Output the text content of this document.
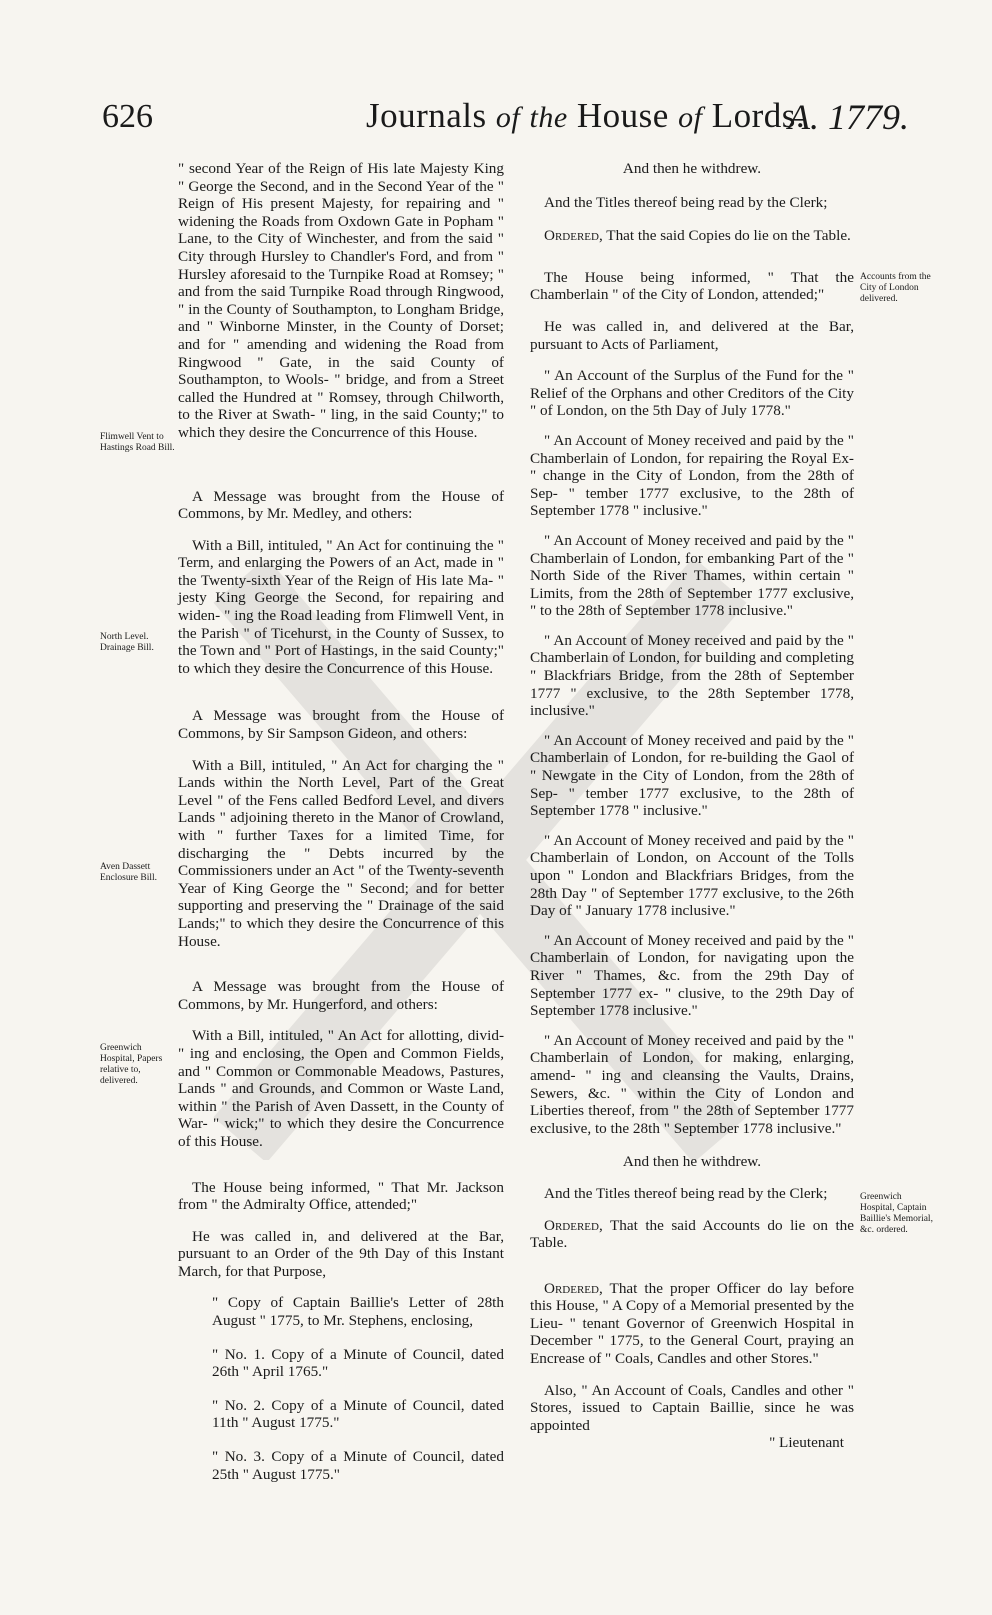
626	Journals of the House of Lords.
A. 1779.
Flimwell Vent to Hastings Road Bill.
North Level. Drainage Bill.
Aven Dassett Enclosure Bill.
Greenwich Hospital, Papers relative to, delivered.
Accounts from the City of London delivered.
Greenwich Hospital, Captain Baillie's Memorial, &c. ordered.

" second Year of the Reign of His late Majesty King " George the Second, and in the Second Year of the " Reign of His present Majesty, for repairing and " widening the Roads from Oxdown Gate in Popham " Lane, to the City of Winchester, and from the said " City through Hursley to Chandler's Ford, and from " Hursley aforesaid to the Turnpike Road at Romsey; " and from the said Turnpike Road through Ringwood, " in the County of Southampton, to Longham Bridge, and " Winborne Minster, in the County of Dorset; and for " amending and widening the Road from Ringwood " Gate, in the said County of Southampton, to Wools- " bridge, and from a Street called the Hundred at " Romsey, through Chilworth, to the River at Swath- " ling, in the said County;" to which they desire the Concurrence of this House.

A Message was brought from the House of Commons, by Mr. Medley, and others:

With a Bill, intituled, " An Act for continuing the " Term, and enlarging the Powers of an Act, made in " the Twenty-sixth Year of the Reign of His late Ma- " jesty King George the Second, for repairing and widen- " ing the Road leading from Flimwell Vent, in the Parish " of Ticehurst, in the County of Sussex, to the Town and " Port of Hastings, in the said County;" to which they desire the Concurrence of this House.

A Message was brought from the House of Commons, by Sir Sampson Gideon, and others:

With a Bill, intituled, " An Act for charging the " Lands within the North Level, Part of the Great Level " of the Fens called Bedford Level, and divers Lands " adjoining thereto in the Manor of Crowland, with " further Taxes for a limited Time, for discharging the " Debts incurred by the Commissioners under an Act " of the Twenty-seventh Year of King George the " Second; and for better supporting and preserving the " Drainage of the said Lands;" to which they desire the Concurrence of this House.

A Message was brought from the House of Commons, by Mr. Hungerford, and others:

With a Bill, intituled, " An Act for allotting, divid- " ing and enclosing, the Open and Common Fields, and " Common or Commonable Meadows, Pastures, Lands " and Grounds, and Common or Waste Land, within " the Parish of Aven Dassett, in the County of War- " wick;" to which they desire the Concurrence of this House.

The House being informed, " That Mr. Jackson from " the Admiralty Office, attended;"

He was called in, and delivered at the Bar, pursuant to an Order of the 9th Day of this Instant March, for that Purpose,

" Copy of Captain Baillie's Letter of 28th August " 1775, to Mr. Stephens, enclosing,

" No. 1. Copy of a Minute of Council, dated 26th " April 1765."

" No. 2. Copy of a Minute of Council, dated 11th " August 1775."

" No. 3. Copy of a Minute of Council, dated 25th " August 1775."

And then he withdrew.

And the Titles thereof being read by the Clerk;

Ordered, That the said Copies do lie on the Table.

The House being informed, " That the Chamberlain " of the City of London, attended;"

He was called in, and delivered at the Bar, pursuant to Acts of Parliament,

" An Account of the Surplus of the Fund for the " Relief of the Orphans and other Creditors of the City " of London, on the 5th Day of July 1778."

" An Account of Money received and paid by the " Chamberlain of London, for repairing the Royal Ex- " change in the City of London, from the 28th of Sep- " tember 1777 exclusive, to the 28th of September 1778 " inclusive."

" An Account of Money received and paid by the " Chamberlain of London, for embanking Part of the " North Side of the River Thames, within certain " Limits, from the 28th of September 1777 exclusive, " to the 28th of September 1778 inclusive."

" An Account of Money received and paid by the " Chamberlain of London, for building and completing " Blackfriars Bridge, from the 28th of September 1777 " exclusive, to the 28th September 1778, inclusive."

" An Account of Money received and paid by the " Chamberlain of London, for re-building the Gaol of " Newgate in the City of London, from the 28th of Sep- " tember 1777 exclusive, to the 28th of September 1778 " inclusive."

" An Account of Money received and paid by the " Chamberlain of London, on Account of the Tolls upon " London and Blackfriars Bridges, from the 28th Day " of September 1777 exclusive, to the 26th Day of " January 1778 inclusive."

" An Account of Money received and paid by the " Chamberlain of London, for navigating upon the River " Thames, &c. from the 29th Day of September 1777 ex- " clusive, to the 29th Day of September 1778 inclusive."

" An Account of Money received and paid by the " Chamberlain of London, for making, enlarging, amend- " ing and cleansing the Vaults, Drains, Sewers, &c. " within the City of London and Liberties thereof, from " the 28th of September 1777 exclusive, to the 28th " September 1778 inclusive."

And then he withdrew.

And the Titles thereof being read by the Clerk;

Ordered, That the said Accounts do lie on the Table.

Ordered, That the proper Officer do lay before this House, " A Copy of a Memorial presented by the Lieu- " tenant Governor of Greenwich Hospital in December " 1775, to the General Court, praying an Encrease of " Coals, Candles and other Stores."

Also, " An Account of Coals, Candles and other " Stores, issued to Captain Baillie, since he was appointed

" Lieutenant
